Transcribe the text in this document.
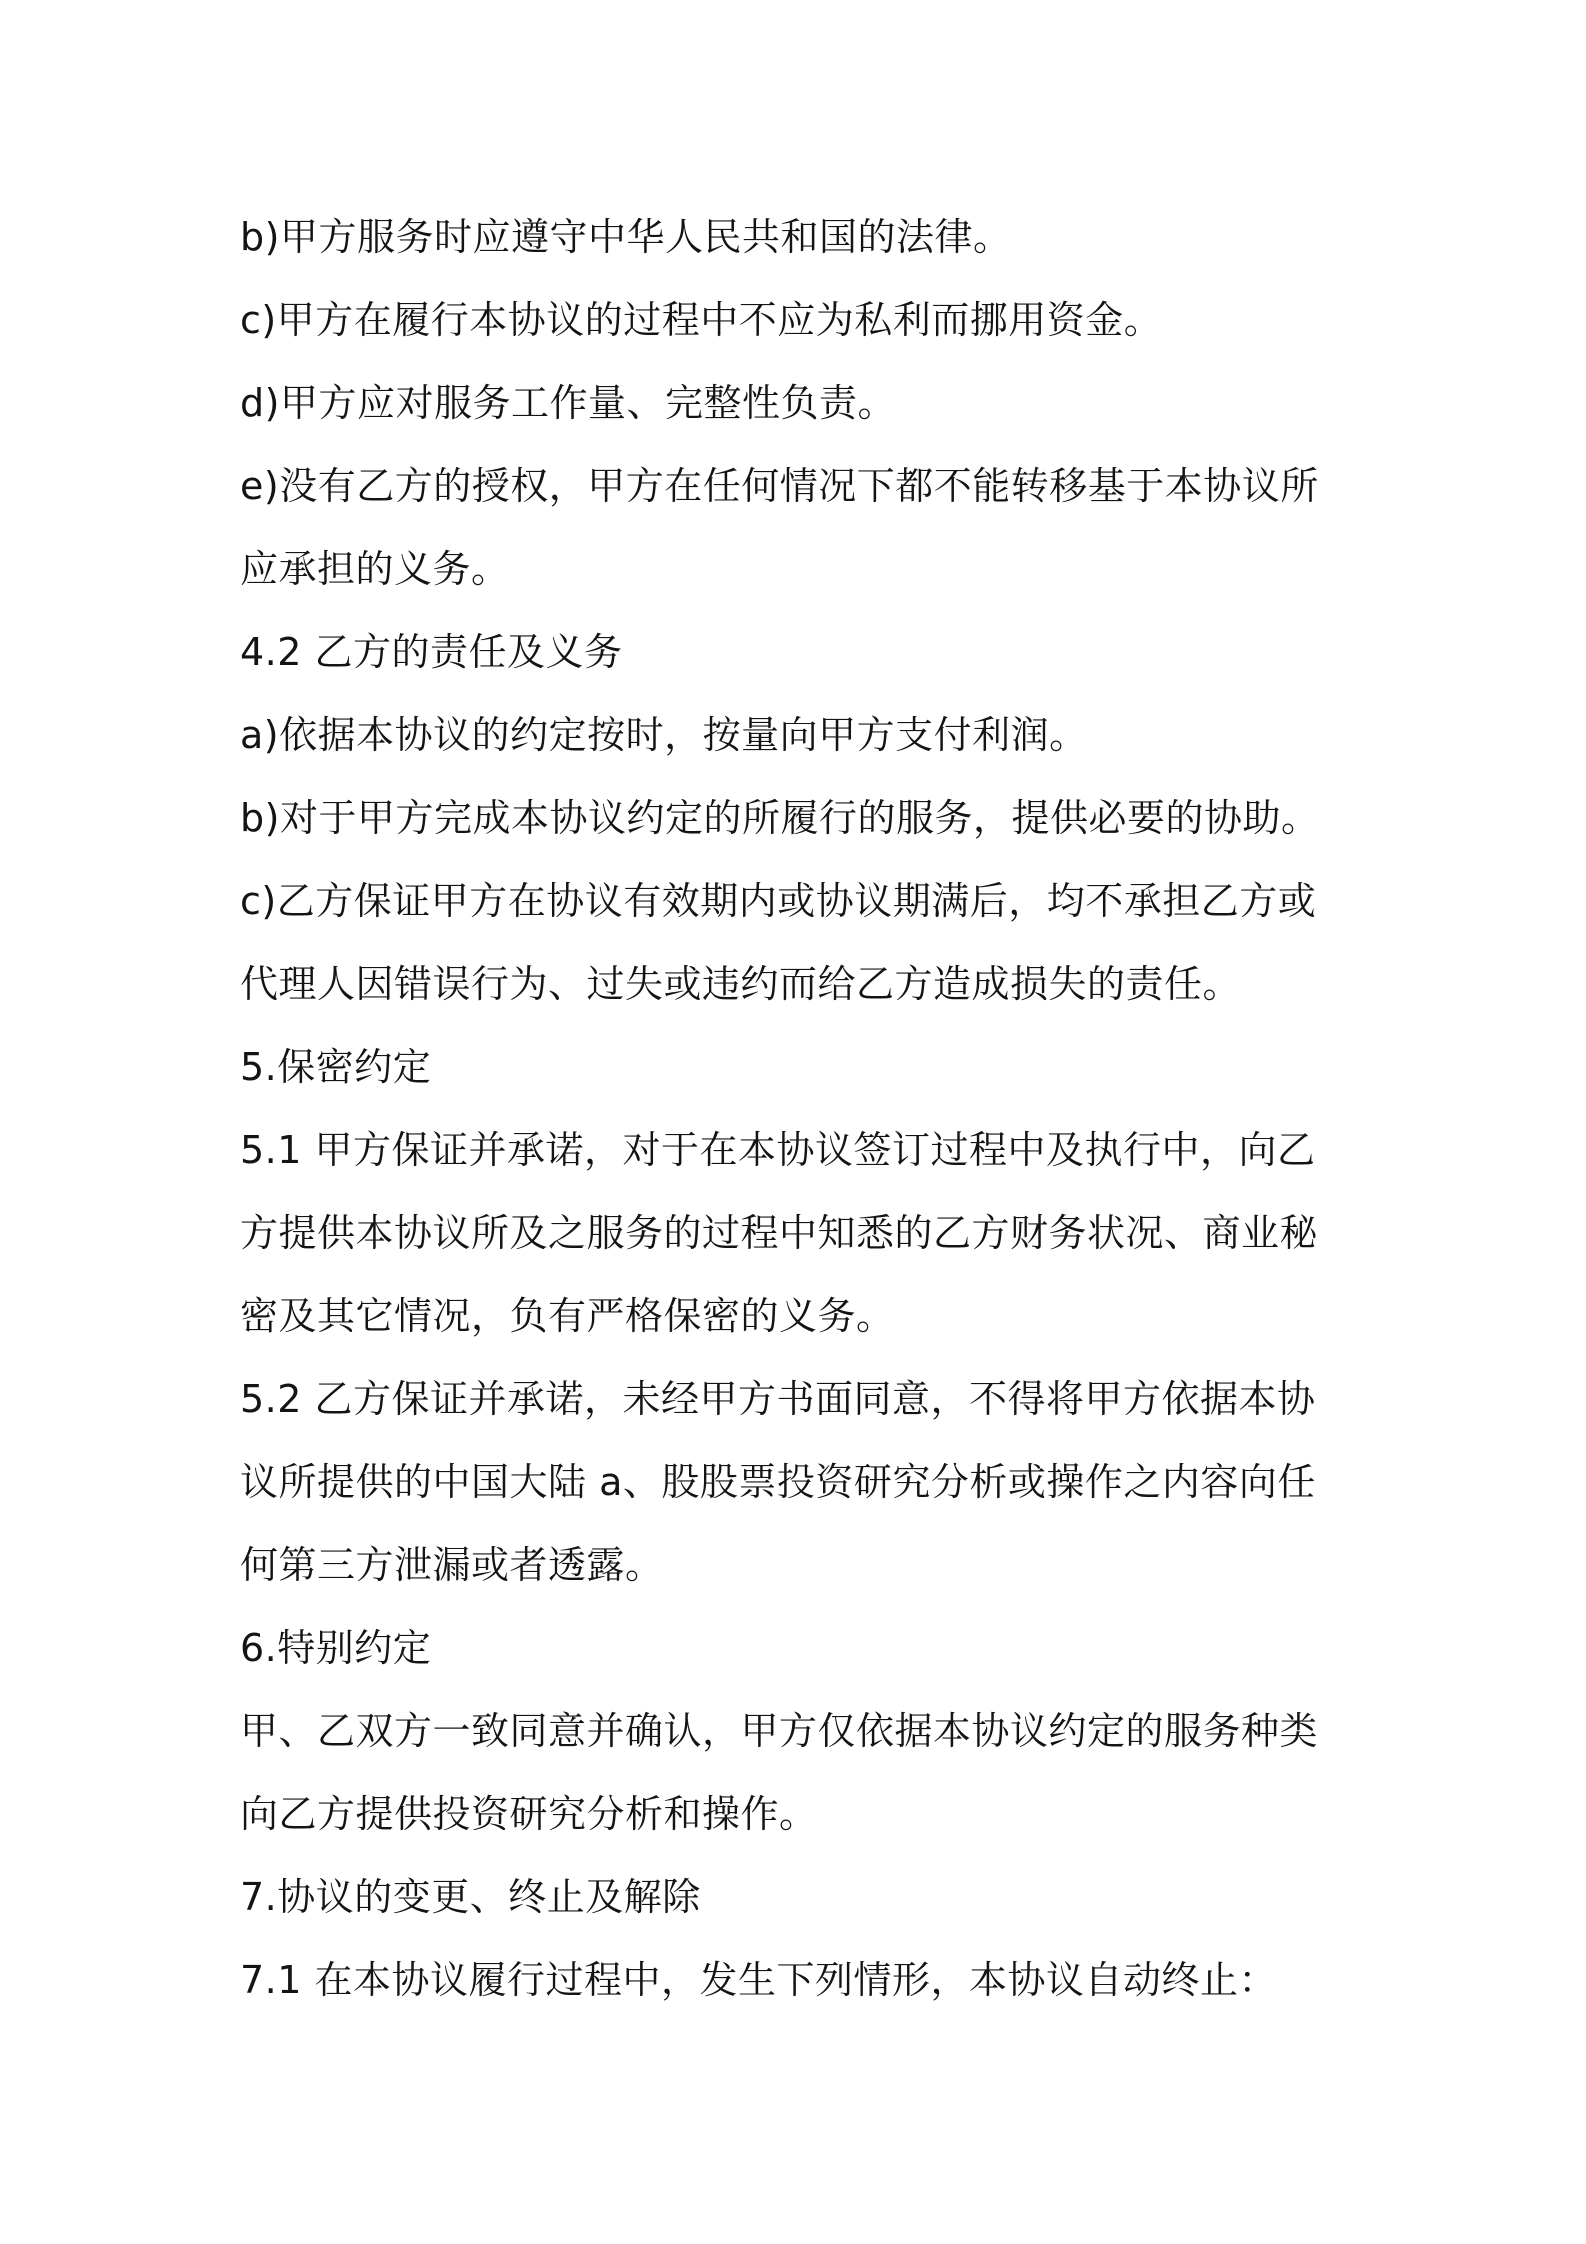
b)甲方服务时应遵守中华人民共和国的法律。
c)甲方在履行本协议的过程中不应为私利而挪用资金。
d)甲方应对服务工作量、完整性负责。
e)没有乙方的授权，甲方在任何情况下都不能转移基于本协议所
应承担的义务。
4.2 乙方的责任及义务
a)依据本协议的约定按时，按量向甲方支付利润。
b)对于甲方完成本协议约定的所履行的服务，提供必要的协助。
c)乙方保证甲方在协议有效期内或协议期满后，均不承担乙方或
代理人因错误行为、过失或违约而给乙方造成损失的责任。
5.保密约定
5.1 甲方保证并承诺，对于在本协议签订过程中及执行中，向乙
方提供本协议所及之服务的过程中知悉的乙方财务状况、商业秘
密及其它情况，负有严格保密的义务。
5.2 乙方保证并承诺，未经甲方书面同意，不得将甲方依据本协
议所提供的中国大陆 a、股股票投资研究分析或操作之内容向任
何第三方泄漏或者透露。
6.特别约定
甲、乙双方一致同意并确认，甲方仅依据本协议约定的服务种类
向乙方提供投资研究分析和操作。
7.协议的变更、终止及解除
7.1 在本协议履行过程中，发生下列情形，本协议自动终止：
